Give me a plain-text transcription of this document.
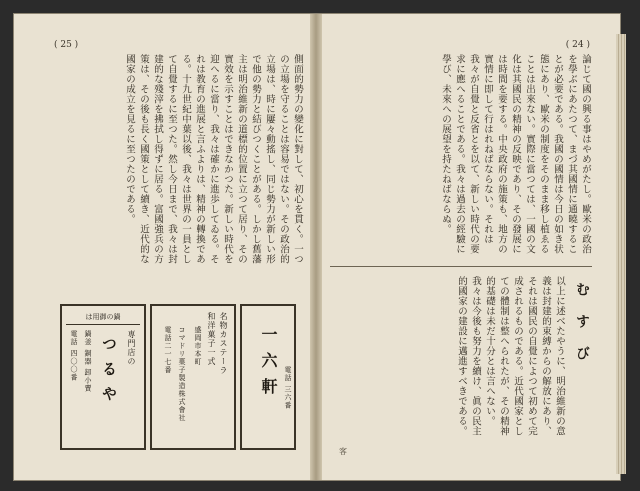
( 25 )	( 24 )
側面的勢力の變化に對して、初心を貫く。一つの立場を守ることは容易ではない。その政治的立場は、時に屢々動搖し、同じ勢力が新しい形で他の勢力と結びつくことがある。しかし舊藩主は明治維新の道標的位置に立つて居り、その實效を示すことはできなかつた。新しい時代を迎へるに當り、我々は確かに進歩してゐる。それは教育の進展と言ふよりは、精神の轉換である。十九世紀中葉以後、我々は世界の一員として自覺するに至つた。然し今日まで、我々は封建的な殘滓を拂拭し得ずに居る。富國強兵の方策は、その後も長く國策として續き、近代的な國家の成立を見るに至つたのである。	論じて國の興る事はやめがたし。歐米の政治を學ぶにあたつて、まづ其國情に通曉することが必要である。我國の國情は今日の如き状態にあり、歐米の制度をそのまま移し植ゑることは出來ない。實際に當つては、一國の文化は其國民の精神の反映であり、その發展には時間を要する。中央政府の施策も、地方の實情に即して行はれねばならない。それは我々が自覺と反省とを以て、新しい時代の要求に應へることである。我々は過去の經驗に學び、未來への展望を持たねばならぬ。
以上に述べたやうに、明治維新の意義は封建的束縛からの解放にあり、それは國民の自覺によつて初めて完成されるものである。近代國家としての體制は整へられたが、その精神的基礎は未だ十分とは言へない。我々は今後も努力を續け、眞の民主的國家の建設に邁進すべきである。	むすび
客
は用御の鍋
専門店の
つるや
鍋釜 銅器 卸小賣
電話 四〇〇番	名物カステーラ
和洋菓子一式
盛岡市本町
コマドリ菓子製造株式會社
電話二一七番	一六軒 電話 三六番
